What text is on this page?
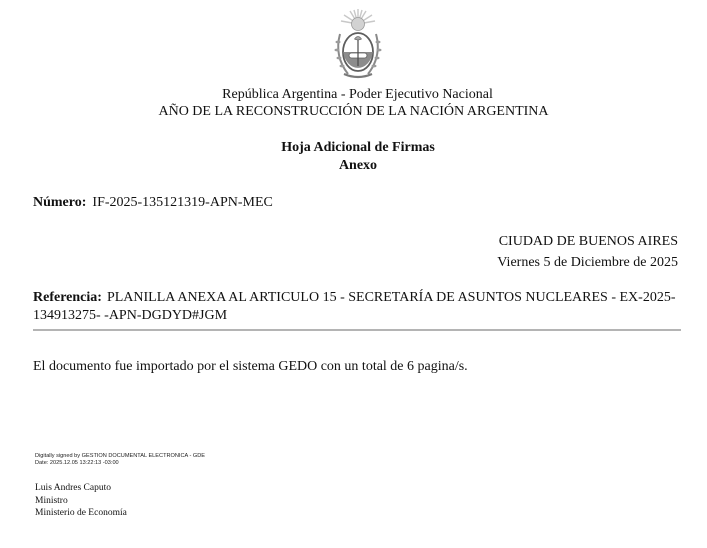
República Argentina - Poder Ejecutivo Nacional
AÑO DE LA RECONSTRUCCIÓN DE LA NACIÓN ARGENTINA
Hoja Adicional de Firmas
Anexo
Número: IF-2025-135121319-APN-MEC
CIUDAD DE BUENOS AIRES
Viernes 5 de Diciembre de 2025
Referencia: PLANILLA ANEXA AL ARTICULO 15 - SECRETARÍA DE ASUNTOS NUCLEARES - EX-2025-134913275- -APN-DGDYD#JGM
El documento fue importado por el sistema GEDO con un total de 6 pagina/s.
Digitally signed by GESTION DOCUMENTAL ELECTRONICA - GDE
Date: 2025.12.05 13:22:13 -03:00
Luis Andres Caputo
Ministro
Ministerio de Economía
